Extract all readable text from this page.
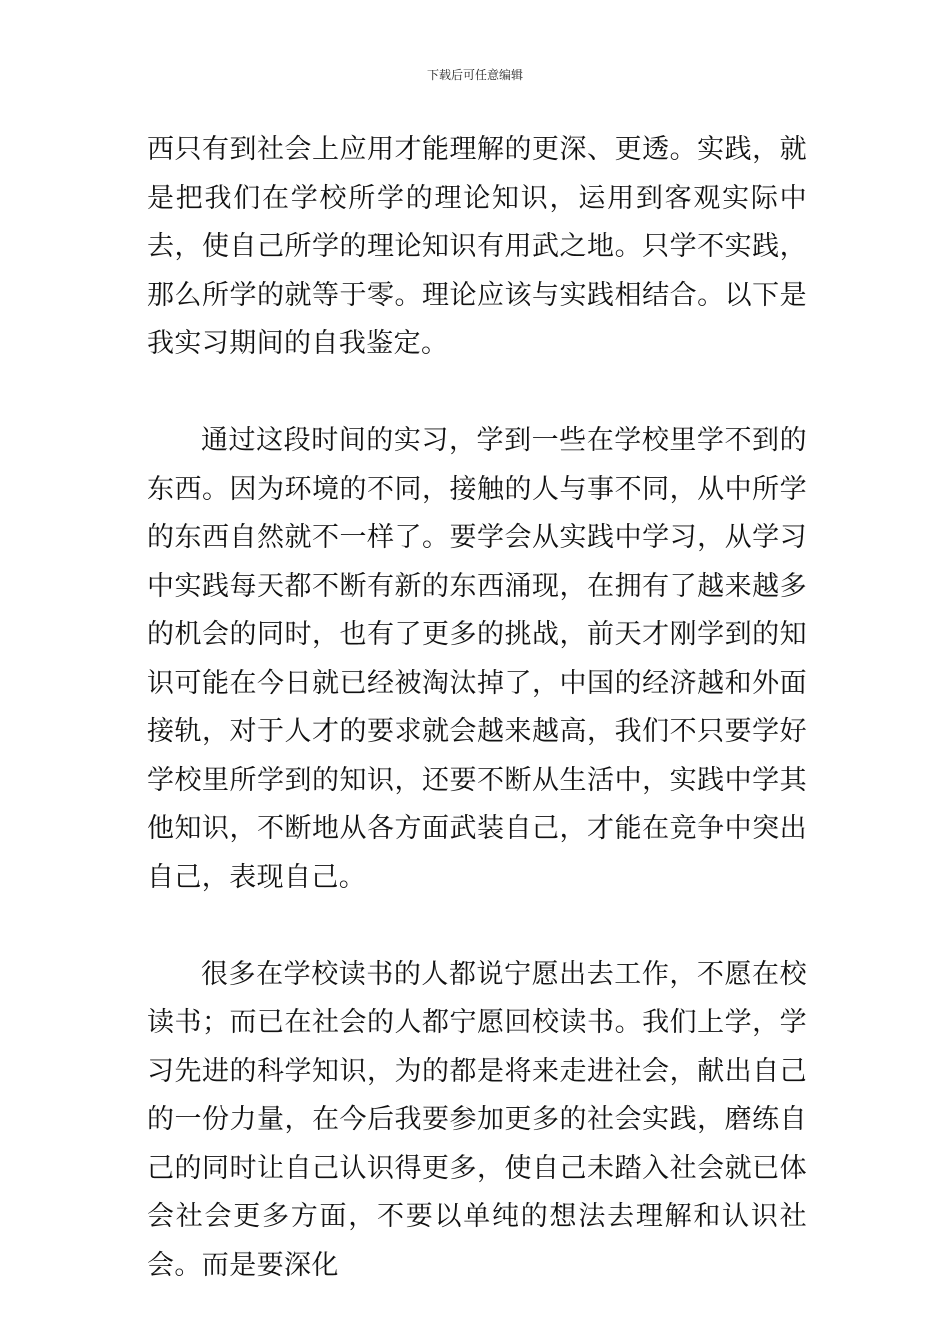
下载后可任意编辑

西只有到社会上应用才能理解的更深、更透。实践，就是把我们在学校所学的理论知识，运用到客观实际中去，使自己所学的理论知识有用武之地。只学不实践，那么所学的就等于零。理论应该与实践相结合。以下是我实习期间的自我鉴定。

通过这段时间的实习，学到一些在学校里学不到的东西。因为环境的不同，接触的人与事不同，从中所学的东西自然就不一样了。要学会从实践中学习，从学习中实践每天都不断有新的东西涌现，在拥有了越来越多的机会的同时，也有了更多的挑战，前天才刚学到的知识可能在今日就已经被淘汰掉了，中国的经济越和外面接轨，对于人才的要求就会越来越高，我们不只要学好学校里所学到的知识，还要不断从生活中，实践中学其他知识，不断地从各方面武装自己，才能在竞争中突出自己，表现自己。

很多在学校读书的人都说宁愿出去工作，不愿在校读书；而已在社会的人都宁愿回校读书。我们上学，学习先进的科学知识，为的都是将来走进社会，献出自己的一份力量，在今后我要参加更多的社会实践，磨练自己的同时让自己认识得更多，使自己未踏入社会就已体会社会更多方面，不要以单纯的想法去理解和认识社会。而是要深化
